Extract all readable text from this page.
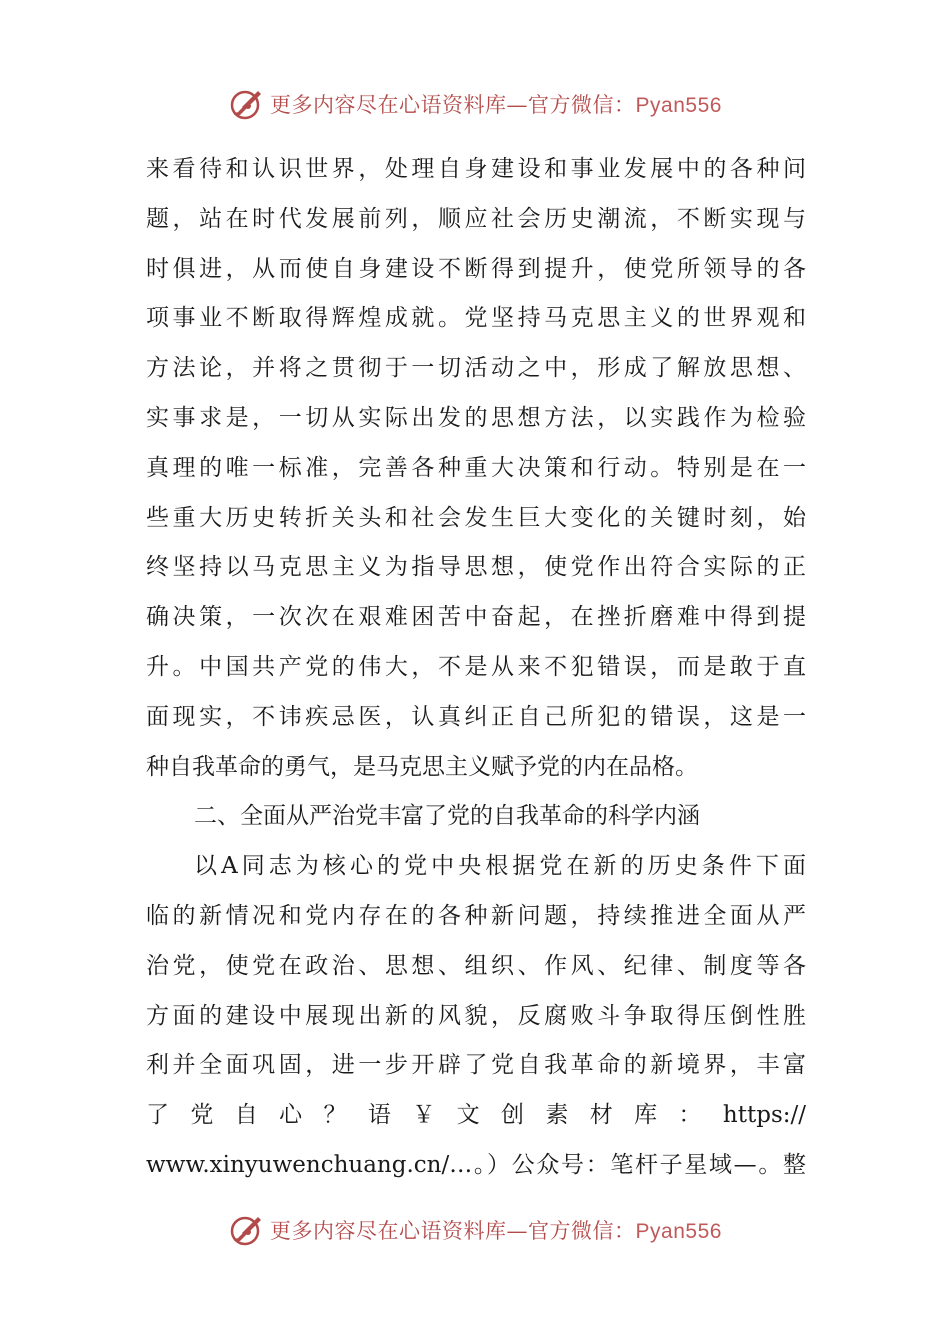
更多内容尽在心语资料库—官方微信：Pyan556
来看待和认识世界，处理自身建设和事业发展中的各种问
题，站在时代发展前列，顺应社会历史潮流，不断实现与
时俱进，从而使自身建设不断得到提升，使党所领导的各
项事业不断取得辉煌成就。党坚持马克思主义的世界观和
方法论，并将之贯彻于一切活动之中，形成了解放思想、
实事求是，一切从实际出发的思想方法，以实践作为检验
真理的唯一标准，完善各种重大决策和行动。特别是在一
些重大历史转折关头和社会发生巨大变化的关键时刻，始
终坚持以马克思主义为指导思想，使党作出符合实际的正
确决策，一次次在艰难困苦中奋起，在挫折磨难中得到提
升。中国共产党的伟大，不是从来不犯错误，而是敢于直
面现实，不讳疾忌医，认真纠正自己所犯的错误，这是一
种自我革命的勇气，是马克思主义赋予党的内在品格。
二、全面从严治党丰富了党的自我革命的科学内涵
以A同志为核心的党中央根据党在新的历史条件下面
临的新情况和党内存在的各种新问题，持续推进全面从严
治党，使党在政治、思想、组织、作风、纪律、制度等各
方面的建设中展现出新的风貌，反腐败斗争取得压倒性胜
利并全面巩固，进一步开辟了党自我革命的新境界，丰富
了 党 自 心 ？ 语 ￥ 文 创 素 材 库 ： https://
www.xinyuwenchuang.cn/…。）公众号：笔杆子星域—。整
更多内容尽在心语资料库—官方微信：Pyan556
